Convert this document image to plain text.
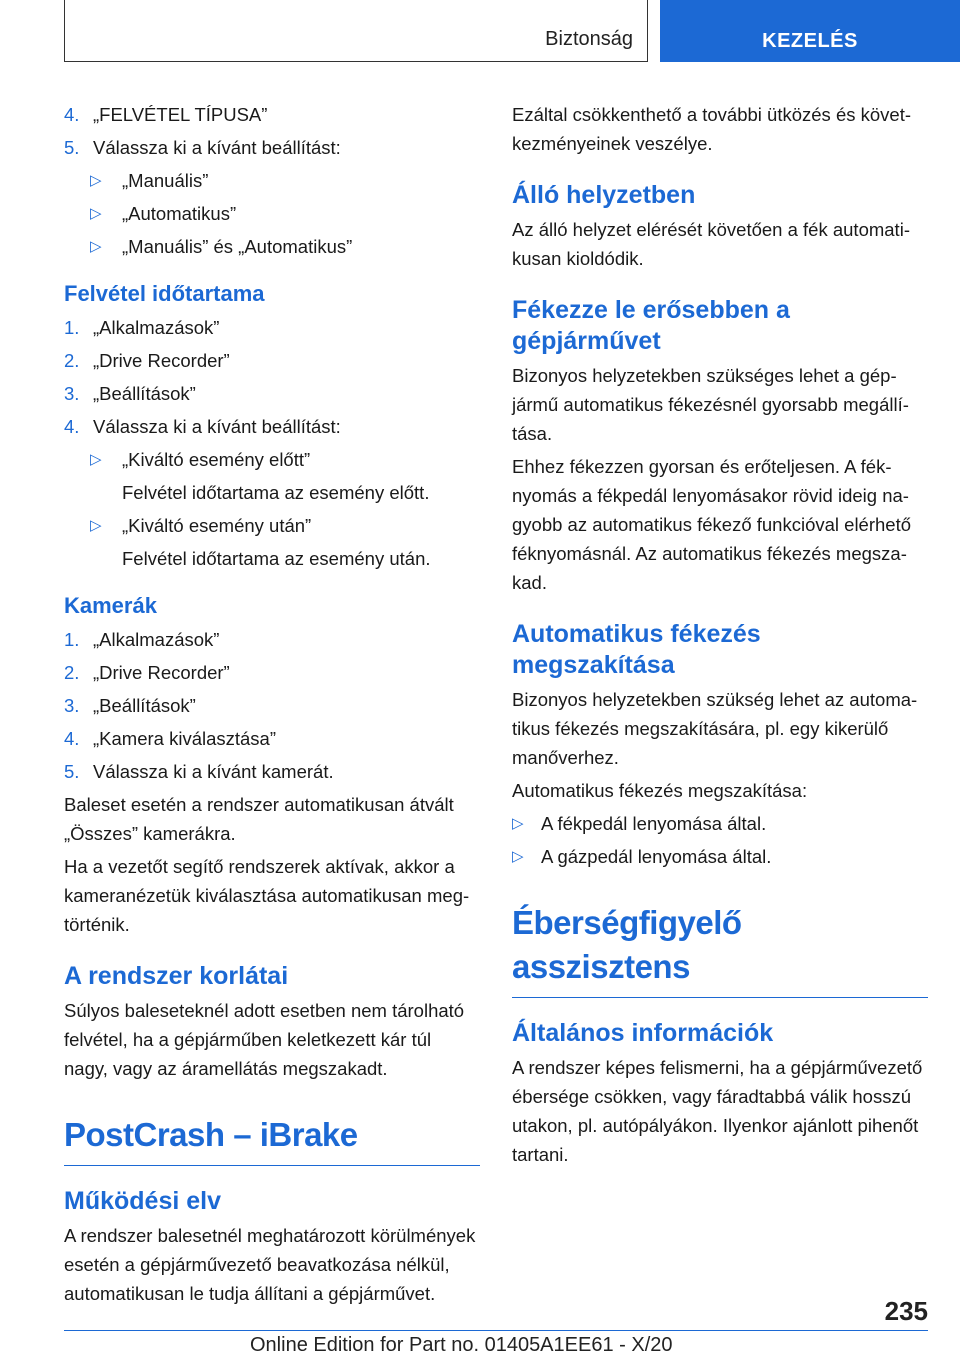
Biztonság	KEZELÉS
4. „FELVÉTEL TÍPUSA”
5. Válassza ki a kívánt beállítást:
▷ „Manuális”
▷ „Automatikus”
▷ „Manuális” és „Automatikus”
Felvétel időtartama
1. „Alkalmazások”
2. „Drive Recorder”
3. „Beállítások”
4. Válassza ki a kívánt beállítást:
▷ „Kiváltó esemény előtt”
Felvétel időtartama az esemény előtt.
▷ „Kiváltó esemény után”
Felvétel időtartama az esemény után.
Kamerák
1. „Alkalmazások”
2. „Drive Recorder”
3. „Beállítások”
4. „Kamera kiválasztása”
5. Válassza ki a kívánt kamerát.

Baleset esetén a rendszer automatikusan átvált „Összes” kamerákra.

Ha a vezetőt segítő rendszerek aktívak, akkor a kameranézetük kiválasztása automatikusan megtörténik.

A rendszer korlátai

Súlyos baleseteknél adott esetben nem tárolható felvétel, ha a gépjárműben keletkezett kár túl nagy, vagy az áramellátás megszakadt.

PostCrash – iBrake
Működési elv

A rendszer balesetnél meghatározott körülmények esetén a gépjárművezető beavatkozása nélkül, automatikusan le tudja állítani a gépjárművet.

Ezáltal csökkenthető a további ütközés és következményeinek veszélye.

Álló helyzetben

Az álló helyzet elérését követően a fék automatikusan kioldódik.

Fékezze le erősebben a gépjárművet

Bizonyos helyzetekben szükséges lehet a gépjármű automatikus fékezésnél gyorsabb megállítása.

Ehhez fékezzen gyorsan és erőteljesen. A féknyomás a fékpedál lenyomásakor rövid ideig nagyobb az automatikus fékező funkcióval elérhető féknyomásnál. Az automatikus fékezés megszakad.

Automatikus fékezés megszakítása

Bizonyos helyzetekben szükség lehet az automatikus fékezés megszakítására, pl. egy kikerülő manőverhez.

Automatikus fékezés megszakítása:

▷ A fékpedál lenyomása által.
▷ A gázpedál lenyomása által.
Éberségfigyelő asszisztens
Általános információk

A rendszer képes felismerni, ha a gépjárművezető ébersége csökken, vagy fáradtabbá válik hosszú utakon, pl. autópályákon. Ilyenkor ajánlott pihenőt tartani.

235
Online Edition for Part no. 01405A1EE61 - X/20
